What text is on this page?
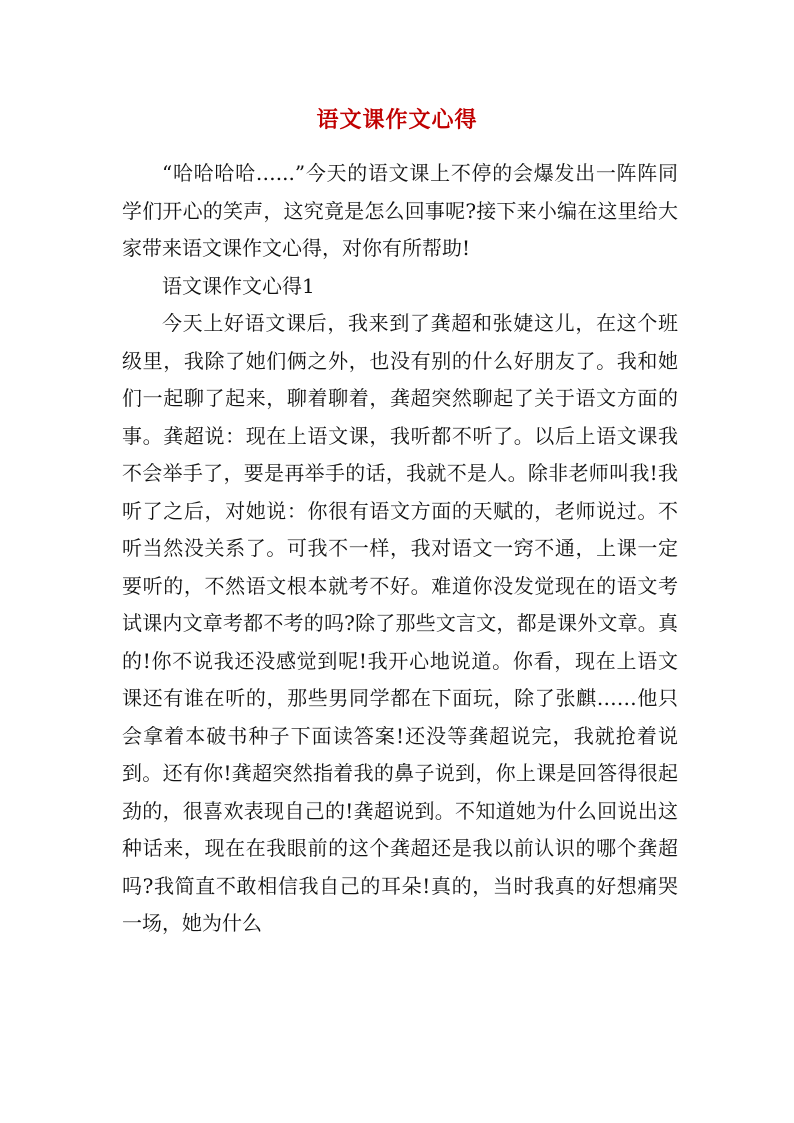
语文课作文心得

“哈哈哈哈…...”今天的语文课上不停的会爆发出一阵阵同学们开心的笑声，这究竟是怎么回事呢?接下来小编在这里给大家带来语文课作文心得，对你有所帮助!

语文课作文心得1

今天上好语文课后，我来到了龚超和张婕这儿，在这个班级里，我除了她们俩之外，也没有别的什么好朋友了。我和她们一起聊了起来，聊着聊着，龚超突然聊起了关于语文方面的事。龚超说：现在上语文课，我听都不听了。以后上语文课我不会举手了，要是再举手的话，我就不是人。除非老师叫我!我听了之后，对她说：你很有语文方面的天赋的，老师说过。不听当然没关系了。可我不一样，我对语文一窍不通，上课一定要听的，不然语文根本就考不好。难道你没发觉现在的语文考试课内文章考都不考的吗?除了那些文言文，都是课外文章。真的!你不说我还没感觉到呢!我开心地说道。你看，现在上语文课还有谁在听的，那些男同学都在下面玩，除了张麒……他只会拿着本破书种子下面读答案!还没等龚超说完，我就抢着说到。还有你!龚超突然指着我的鼻子说到，你上课是回答得很起劲的，很喜欢表现自己的!龚超说到。不知道她为什么回说出这种话来，现在在我眼前的这个龚超还是我以前认识的哪个龚超吗?我简直不敢相信我自己的耳朵!真的，当时我真的好想痛哭一场，她为什么
